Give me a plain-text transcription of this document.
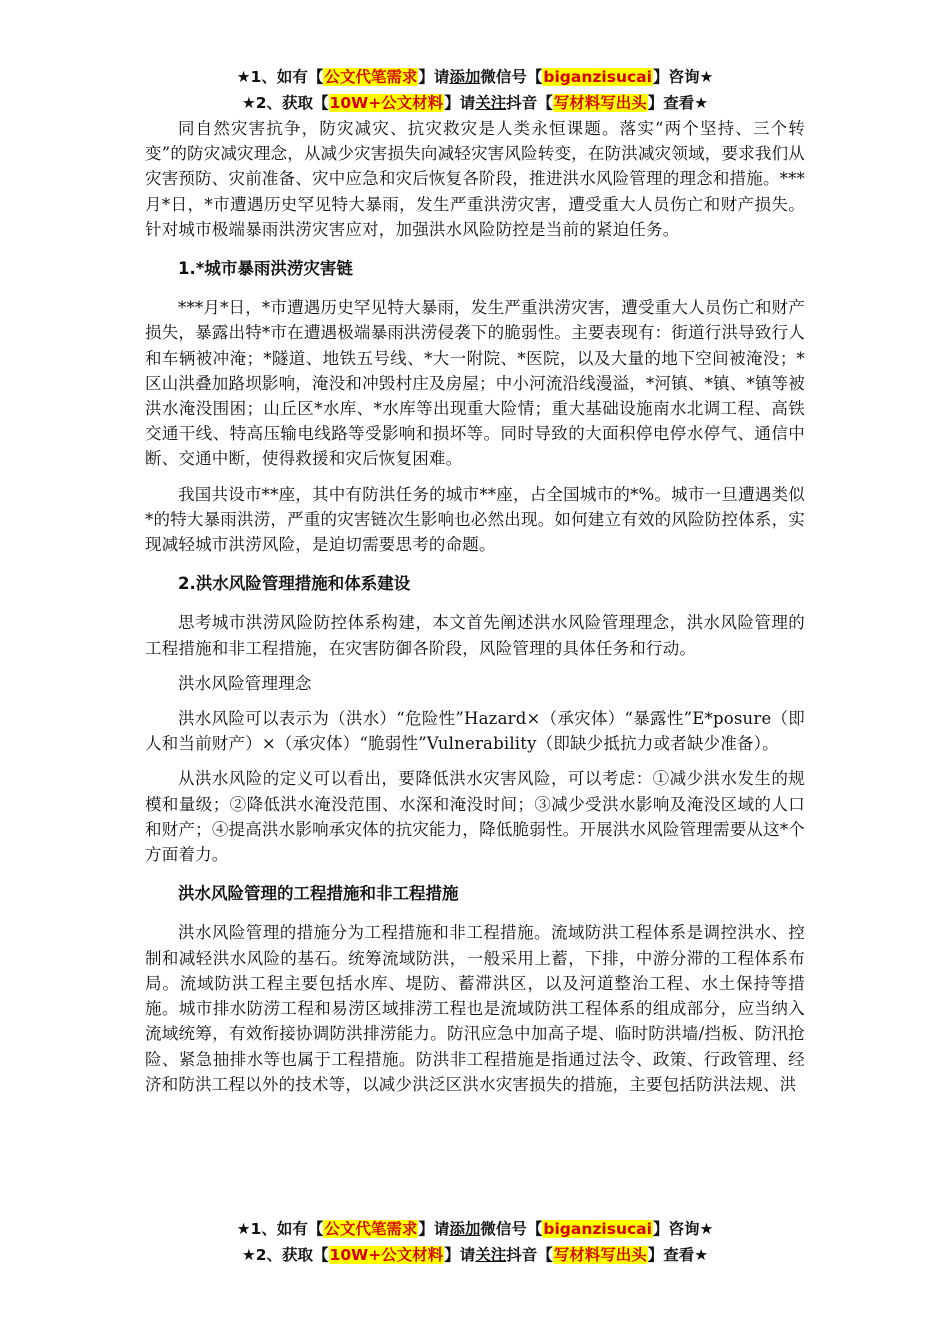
★1、如有【公文代笔需求】请添加微信号【biganzisucai】咨询★
★2、获取【10W+公文材料】请关注抖音【写材料写出头】查看★

同自然灾害抗争，防灾减灾、抗灾救灾是人类永恒课题。落实“两个坚持、三个转变”的防灾减灾理念，从减少灾害损失向减轻灾害风险转变，在防洪减灾领域，要求我们从灾害预防、灾前准备、灾中应急和灾后恢复各阶段，推进洪水风险管理的理念和措施。***月*日，*市遭遇历史罕见特大暴雨，发生严重洪涝灾害，遭受重大人员伤亡和财产损失。针对城市极端暴雨洪涝灾害应对，加强洪水风险防控是当前的紧迫任务。

1.*城市暴雨洪涝灾害链

***月*日，*市遭遇历史罕见特大暴雨，发生严重洪涝灾害，遭受重大人员伤亡和财产损失，暴露出特*市在遭遇极端暴雨洪涝侵袭下的脆弱性。主要表现有：街道行洪导致行人和车辆被冲淹；*隧道、地铁五号线、*大一附院、*医院，以及大量的地下空间被淹没；*区山洪叠加路坝影响，淹没和冲毁村庄及房屋；中小河流沿线漫溢，*河镇、*镇、*镇等被洪水淹没围困；山丘区*水库、*水库等出现重大险情；重大基础设施南水北调工程、高铁交通干线、特高压输电线路等受影响和损坏等。同时导致的大面积停电停水停气、通信中断、交通中断，使得救援和灾后恢复困难。

我国共设市**座，其中有防洪任务的城市**座，占全国城市的*%。城市一旦遭遇类似*的特大暴雨洪涝，严重的灾害链次生影响也必然出现。如何建立有效的风险防控体系，实现减轻城市洪涝风险，是迫切需要思考的命题。

2.洪水风险管理措施和体系建设

思考城市洪涝风险防控体系构建，本文首先阐述洪水风险管理理念，洪水风险管理的工程措施和非工程措施，在灾害防御各阶段，风险管理的具体任务和行动。

洪水风险管理理念

洪水风险可以表示为（洪水）“危险性”Hazard×（承灾体）“暴露性”E*posure（即人和当前财产）×（承灾体）“脆弱性”Vulnerability（即缺少抵抗力或者缺少准备）。

从洪水风险的定义可以看出，要降低洪水灾害风险，可以考虑：①减少洪水发生的规模和量级；②降低洪水淹没范围、水深和淹没时间；③减少受洪水影响及淹没区域的人口和财产；④提高洪水影响承灾体的抗灾能力，降低脆弱性。开展洪水风险管理需要从这*个方面着力。

洪水风险管理的工程措施和非工程措施

洪水风险管理的措施分为工程措施和非工程措施。流域防洪工程体系是调控洪水、控制和减轻洪水风险的基石。统筹流域防洪，一般采用上蓄，下排，中游分滞的工程体系布局。流域防洪工程主要包括水库、堤防、蓄滞洪区，以及河道整治工程、水土保持等措施。城市排水防涝工程和易涝区域排涝工程也是流域防洪工程体系的组成部分，应当纳入流域统筹，有效衔接协调防洪排涝能力。防汛应急中加高子堤、临时防洪墙/挡板、防汛抢险、紧急抽排水等也属于工程措施。防洪非工程措施是指通过法令、政策、行政管理、经济和防洪工程以外的技术等，以减少洪泛区洪水灾害损失的措施，主要包括防洪法规、洪

★1、如有【公文代笔需求】请添加微信号【biganzisucai】咨询★
★2、获取【10W+公文材料】请关注抖音【写材料写出头】查看★
